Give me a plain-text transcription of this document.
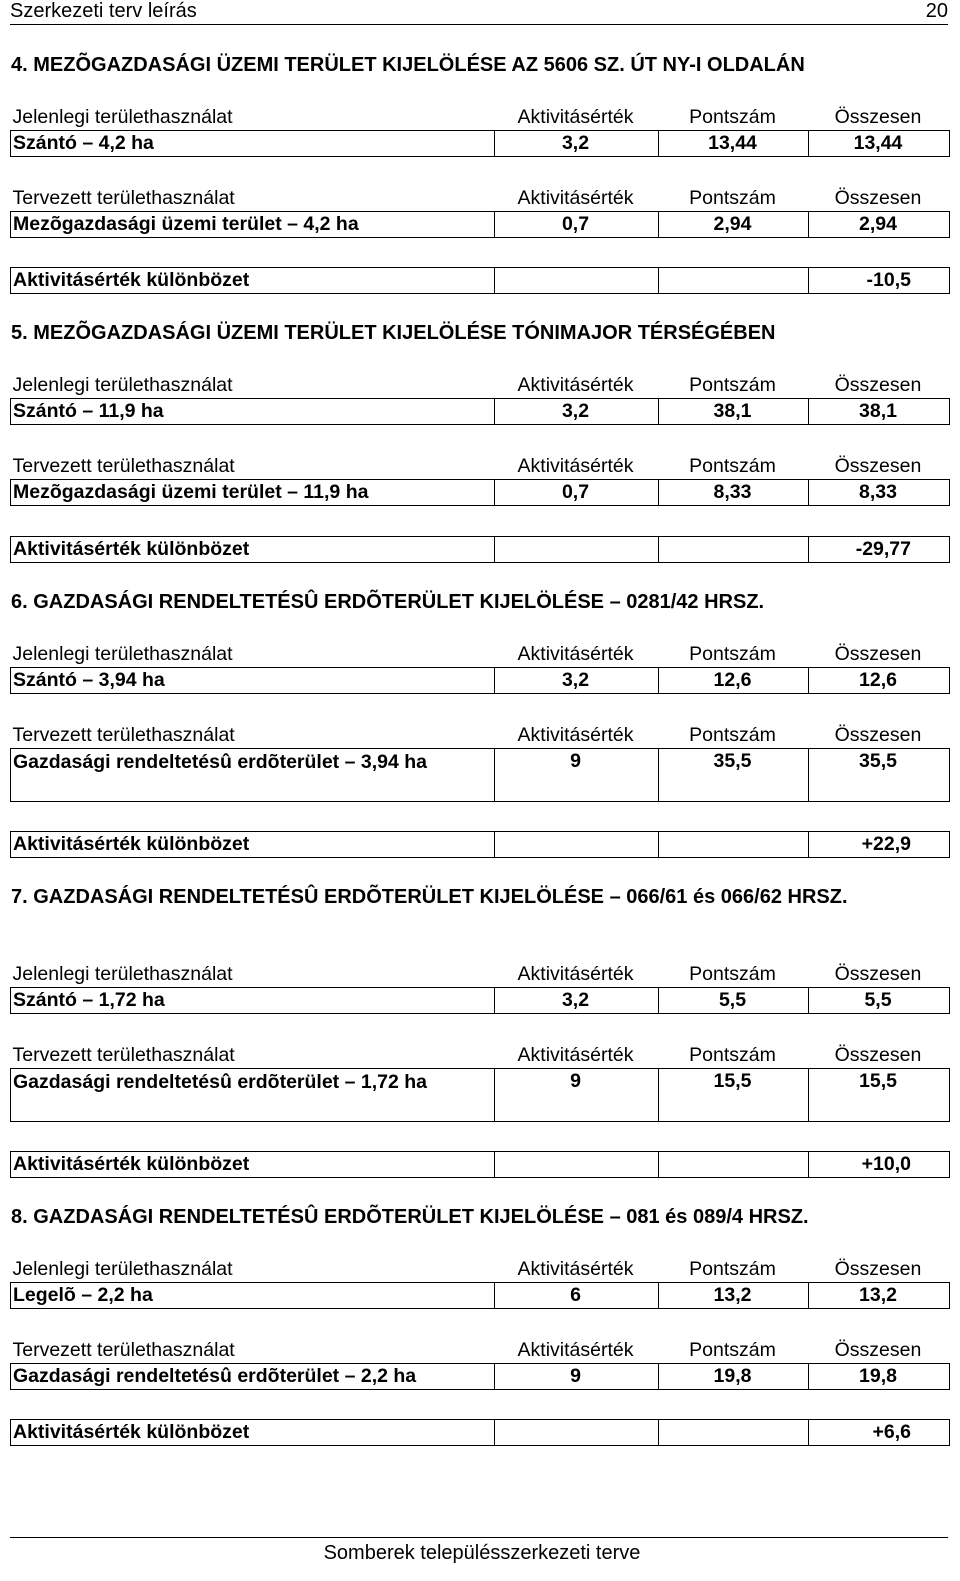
Szerkezeti terv leírás	20
4. MEZÕGAZDASÁGI ÜZEMI TERÜLET KIJELÖLÉSE AZ 5606 SZ. ÚT NY-I OLDALÁN
Jelenlegi területhasználat	Aktivitásérték	Pontszám	Összesen
Szántó – 4,2 ha	3,2	13,44	13,44
Tervezett területhasználat	Aktivitásérték	Pontszám	Összesen
Mezõgazdasági üzemi terület – 4,2 ha	0,7	2,94	2,94
Aktivitásérték különbözet			-10,5
5. MEZÕGAZDASÁGI ÜZEMI TERÜLET KIJELÖLÉSE TÓNIMAJOR TÉRSÉGÉBEN
Jelenlegi területhasználat	Aktivitásérték	Pontszám	Összesen
Szántó – 11,9 ha	3,2	38,1	38,1
Tervezett területhasználat	Aktivitásérték	Pontszám	Összesen
Mezõgazdasági üzemi terület – 11,9 ha	0,7	8,33	8,33
Aktivitásérték különbözet			-29,77
6. GAZDASÁGI RENDELTETÉSÛ ERDÕTERÜLET KIJELÖLÉSE – 0281/42 HRSZ.
Jelenlegi területhasználat	Aktivitásérték	Pontszám	Összesen
Szántó – 3,94 ha	3,2	12,6	12,6
Tervezett területhasználat	Aktivitásérték	Pontszám	Összesen
Gazdasági rendeltetésû erdõterület – 3,94 ha	9	35,5	35,5
Aktivitásérték különbözet			+22,9
7. GAZDASÁGI RENDELTETÉSÛ ERDÕTERÜLET KIJELÖLÉSE – 066/61 és 066/62 HRSZ.
Jelenlegi területhasználat	Aktivitásérték	Pontszám	Összesen
Szántó – 1,72 ha	3,2	5,5	5,5
Tervezett területhasználat	Aktivitásérték	Pontszám	Összesen
Gazdasági rendeltetésû erdõterület – 1,72 ha	9	15,5	15,5
Aktivitásérték különbözet			+10,0
8. GAZDASÁGI RENDELTETÉSÛ ERDÕTERÜLET KIJELÖLÉSE – 081 és 089/4 HRSZ.
Jelenlegi területhasználat	Aktivitásérték	Pontszám	Összesen
Legelõ – 2,2 ha	6	13,2	13,2
Tervezett területhasználat	Aktivitásérték	Pontszám	Összesen
Gazdasági rendeltetésû erdõterület – 2,2 ha	9	19,8	19,8
Aktivitásérték különbözet			+6,6
Somberek településszerkezeti terve
